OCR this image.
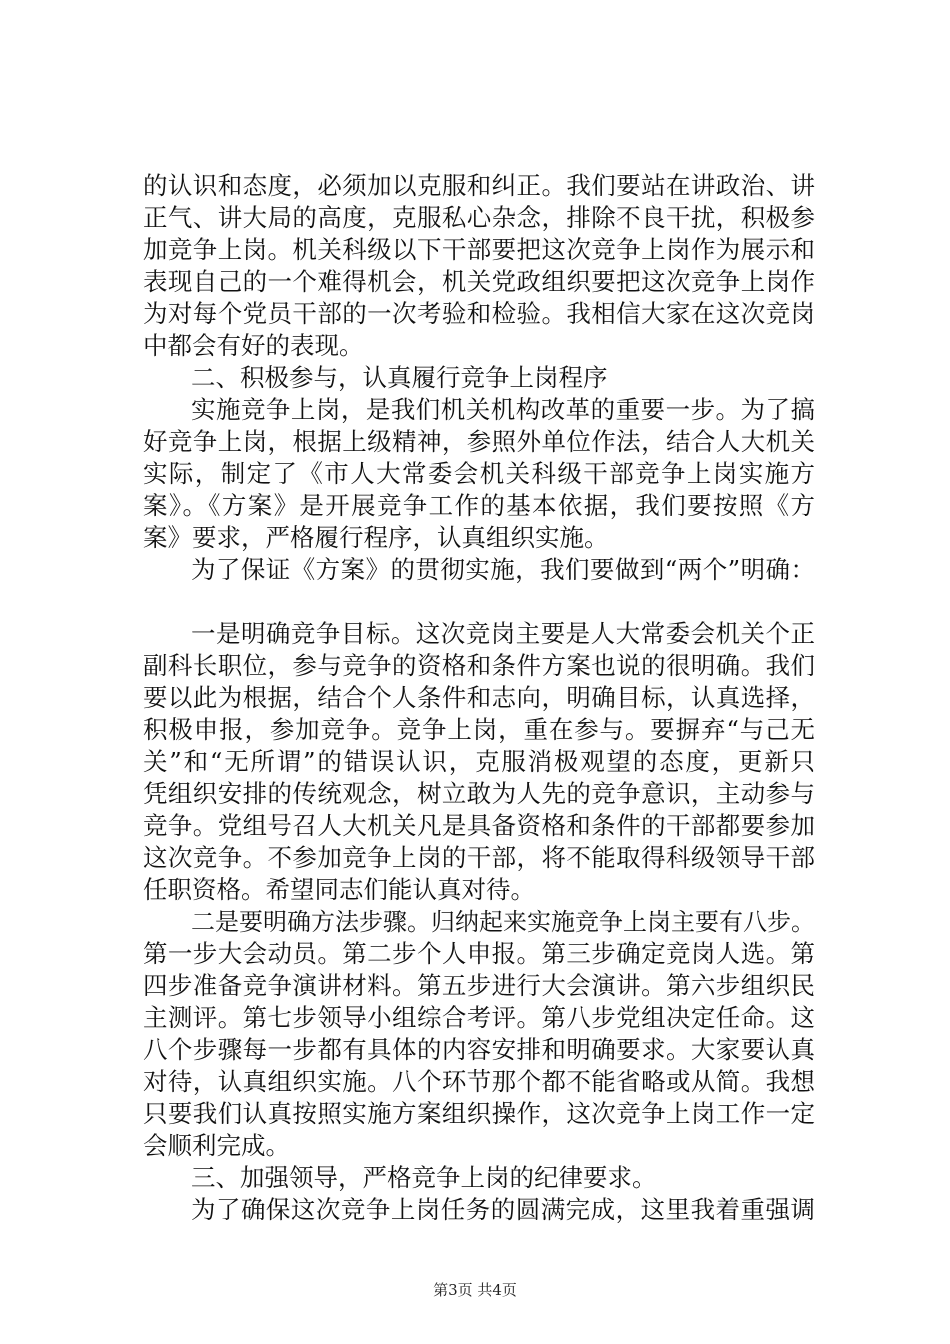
的认识和态度，必须加以克服和纠正。我们要站在讲政治、讲
正气、讲大局的高度，克服私心杂念，排除不良干扰，积极参
加竞争上岗。机关科级以下干部要把这次竞争上岗作为展示和
表现自己的一个难得机会，机关党政组织要把这次竞争上岗作
为对每个党员干部的一次考验和检验。我相信大家在这次竞岗
中都会有好的表现。
二、积极参与，认真履行竞争上岗程序
实施竞争上岗，是我们机关机构改革的重要一步。为了搞
好竞争上岗，根据上级精神，参照外单位作法，结合人大机关
实际，制定了《市人大常委会机关科级干部竞争上岗实施方
案》。《方案》是开展竞争工作的基本依据，我们要按照《方
案》要求，严格履行程序，认真组织实施。
为了保证《方案》的贯彻实施，我们要做到“两个”明确：
一是明确竞争目标。这次竞岗主要是人大常委会机关个正
副科长职位，参与竞争的资格和条件方案也说的很明确。我们
要以此为根据，结合个人条件和志向，明确目标，认真选择，
积极申报，参加竞争。竞争上岗，重在参与。要摒弃“与己无
关”和“无所谓”的错误认识，克服消极观望的态度，更新只
凭组织安排的传统观念，树立敢为人先的竞争意识，主动参与
竞争。党组号召人大机关凡是具备资格和条件的干部都要参加
这次竞争。不参加竞争上岗的干部，将不能取得科级领导干部
任职资格。希望同志们能认真对待。
二是要明确方法步骤。归纳起来实施竞争上岗主要有八步。
第一步大会动员。第二步个人申报。第三步确定竞岗人选。第
四步准备竞争演讲材料。第五步进行大会演讲。第六步组织民
主测评。第七步领导小组综合考评。第八步党组决定任命。这
八个步骤每一步都有具体的内容安排和明确要求。大家要认真
对待，认真组织实施。八个环节那个都不能省略或从简。我想
只要我们认真按照实施方案组织操作，这次竞争上岗工作一定
会顺利完成。
三、加强领导，严格竞争上岗的纪律要求。
为了确保这次竞争上岗任务的圆满完成，这里我着重强调
第3页 共4页
